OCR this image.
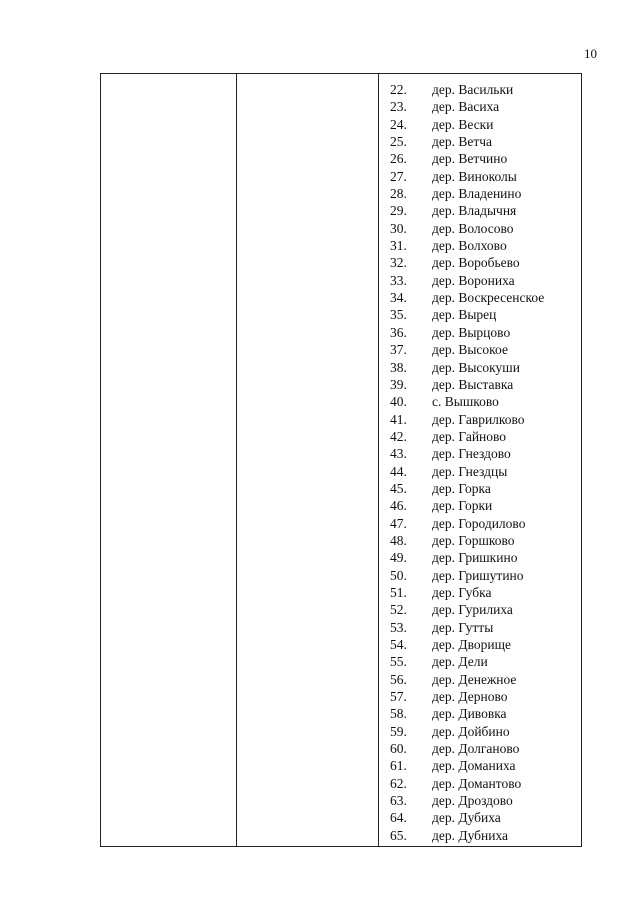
10
22. дер. Васильки
23. дер. Васиха
24. дер. Вески
25. дер. Ветча
26. дер. Ветчино
27. дер. Виноколы
28. дер. Владенино
29. дер. Владычня
30. дер. Волосово
31. дер. Волхово
32. дер. Воробьево
33. дер. Ворониха
34. дер. Воскресенское
35. дер. Вырец
36. дер. Вырцово
37. дер. Высокое
38. дер. Высокуши
39. дер. Выставка
40. с. Вышково
41. дер. Гаврилково
42. дер. Гайново
43. дер. Гнездово
44. дер. Гнездцы
45. дер. Горка
46. дер. Горки
47. дер. Городилово
48. дер. Горшково
49. дер. Гришкино
50. дер. Гришутино
51. дер. Губка
52. дер. Гурилиха
53. дер. Гутты
54. дер. Дворище
55. дер. Дели
56. дер. Денежное
57. дер. Дерново
58. дер. Дивовка
59. дер. Дойбино
60. дер. Долганово
61. дер. Доманиха
62. дер. Домантово
63. дер. Дроздово
64. дер. Дубиха
65. дер. Дубниха
